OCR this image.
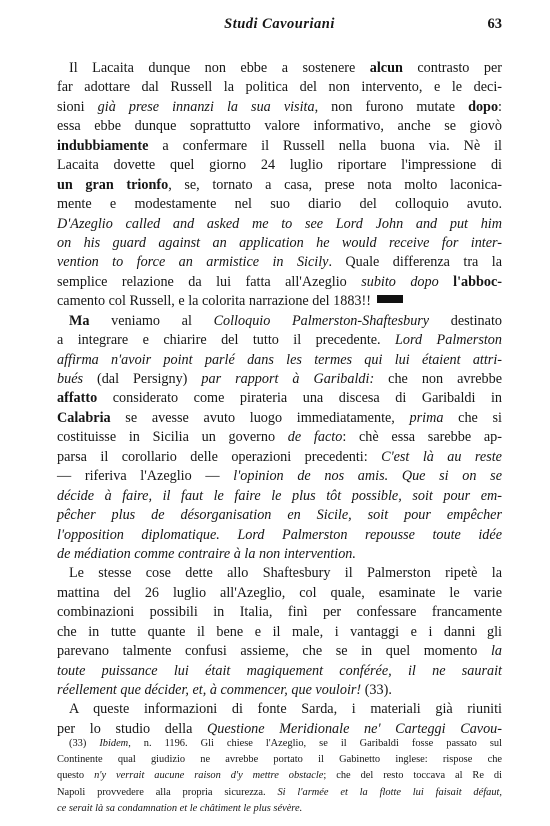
Studi Cavouriani	63
Il Lacaita dunque non ebbe a sostenere alcun contrasto per
far adottare dal Russell la politica del non intervento, e le deci-
sioni già prese innanzi la sua visita, non furono mutate dopo:
essa ebbe dunque soprattutto valore informativo, anche se giovò
indubbiamente a confermare il Russell nella buona via. Nè il
Lacaita dovette quel giorno 24 luglio riportare l'impressione di
un gran trionfo, se, tornato a casa, prese nota molto laconica-
mente e modestamente nel suo diario del colloquio avuto.
D'Azeglio called and asked me to see Lord John and put him
on his guard against an application he would receive for inter-
vention to force an armistice in Sicily. Quale differenza tra la
semplice relazione da lui fatta all'Azeglio subito dopo l'abboc-
camento col Russell, e la colorita narrazione del 1883!!
Ma veniamo al Colloquio Palmerston-Shaftesbury destinato
a integrare e chiarire del tutto il precedente. Lord Palmerston
affirma n'avoir point parlé dans les termes qui lui étaient attri-
bués (dal Persigny) par rapport à Garibaldi: che non avrebbe
affatto considerato come pirateria una discesa di Garibaldi in
Calabria se avesse avuto luogo immediatamente, prima che si
costituisse in Sicilia un governo de facto: chè essa sarebbe ap-
parsa il corollario delle operazioni precedenti: C'est là au reste
— riferiva l'Azeglio — l'opinion de nos amis. Que si on se
décide à faire, il faut le faire le plus tôt possible, soit pour em-
pêcher plus de désorganisation en Sicile, soit pour empêcher
l'opposition diplomatique. Lord Palmerston repousse toute idée
de médiation comme contraire à la non intervention.
Le stesse cose dette allo Shaftesbury il Palmerston ripetè la
mattina del 26 luglio all'Azeglio, col quale, esaminate le varie
combinazioni possibili in Italia, finì per confessare francamente
che in tutte quante il bene e il male, i vantaggi e i danni gli
parevano talmente confusi assieme, che se in quel momento la
toute puissance lui était magiquement conférée, il ne saurait
réellement que décider, et, à commencer, que vouloir! (33).
A queste informazioni di fonte Sarda, i materiali già riuniti
per lo studio della Questione Meridionale ne' Carteggi Cavou-
(33) Ibidem, n. 1196. Gli chiese l'Azeglio, se il Garibaldi fosse passato sul
Continente qual giudizio ne avrebbe portato il Gabinetto inglese: rispose che
questo n'y verrait aucune raison d'y mettre obstacle; che del resto toccava al Re di
Napoli provvedere alla propria sicurezza. Si l'armée et la flotte lui faisait défaut,
ce serait là sa condamnation et le châtiment le plus sévère.
